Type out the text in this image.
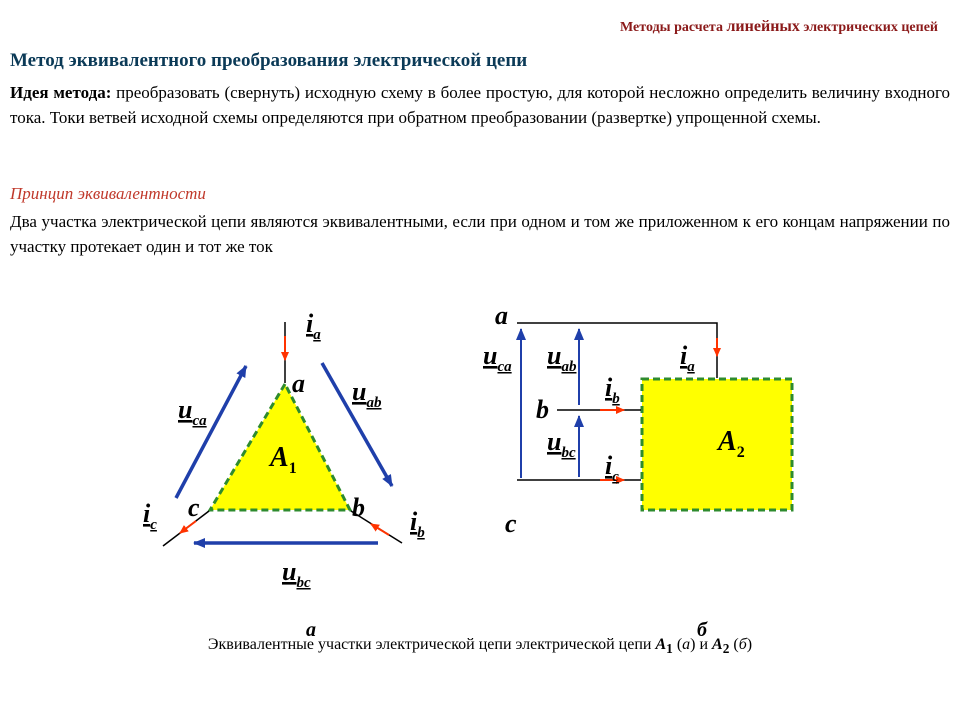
Методы расчета линейных электрических цепей
Метод эквивалентного преобразования электрической цепи
Идея метода: преобразовать (свернуть) исходную схему в более простую, для которой несложно определить величину входного тока. Токи ветвей исходной схемы определяются при обратном преобразовании (развертке) упрощенной схемы.
Принцип эквивалентности
Два участка электрической цепи являются эквивалентными, если при одном и том же приложенном к его концам напряжении по участку протекает один и тот же ток
$i_a$
a $u_{ab}$
$u_{ca}$
$A_1$
c	b
$i_c$	$i_b$
$u_{bc}$
а
a
$u_{ca}$ $u_{ab}$	$i_a$
$i_b$
b
$u_{bc}$	$A_2$
$i_c$
c
б
Эквивалентные участки электрической цепи электрической цепи $A_1$ (а) и $A_2$ (б)
